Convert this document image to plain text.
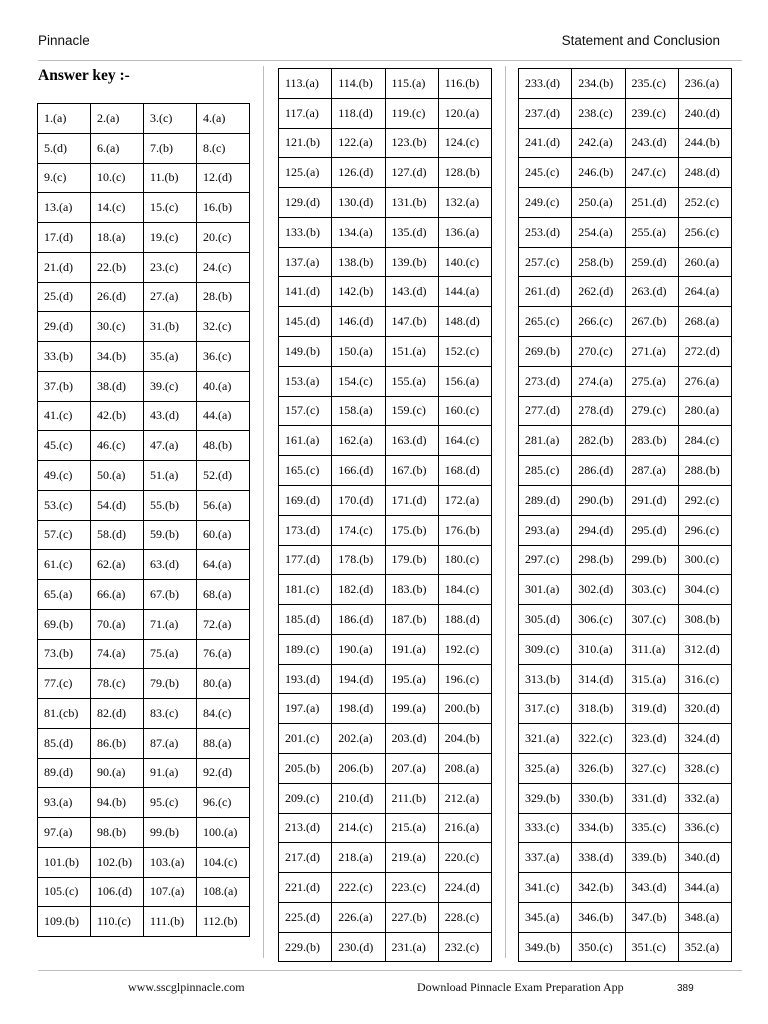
Pinnacle	Statement and Conclusion
Answer key :-
1.(a)	2.(a)	3.(c)	4.(a)
5.(d)	6.(a)	7.(b)	8.(c)
9.(c)	10.(c)	11.(b)	12.(d)
13.(a)	14.(c)	15.(c)	16.(b)
17.(d)	18.(a)	19.(c)	20.(c)
21.(d)	22.(b)	23.(c)	24.(c)
25.(d)	26.(d)	27.(a)	28.(b)
29.(d)	30.(c)	31.(b)	32.(c)
33.(b)	34.(b)	35.(a)	36.(c)
37.(b)	38.(d)	39.(c)	40.(a)
41.(c)	42.(b)	43.(d)	44.(a)
45.(c)	46.(c)	47.(a)	48.(b)
49.(c)	50.(a)	51.(a)	52.(d)
53.(c)	54.(d)	55.(b)	56.(a)
57.(c)	58.(d)	59.(b)	60.(a)
61.(c)	62.(a)	63.(d)	64.(a)
65.(a)	66.(a)	67.(b)	68.(a)
69.(b)	70.(a)	71.(a)	72.(a)
73.(b)	74.(a)	75.(a)	76.(a)
77.(c)	78.(c)	79.(b)	80.(a)
81.(cb)	82.(d)	83.(c)	84.(c)
85.(d)	86.(b)	87.(a)	88.(a)
89.(d)	90.(a)	91.(a)	92.(d)
93.(a)	94.(b)	95.(c)	96.(c)
97.(a)	98.(b)	99.(b)	100.(a)
101.(b)	102.(b)	103.(a)	104.(c)
105.(c)	106.(d)	107.(a)	108.(a)
109.(b)	110.(c)	111.(b)	112.(b)
113.(a)	114.(b)	115.(a)	116.(b)
117.(a)	118.(d)	119.(c)	120.(a)
121.(b)	122.(a)	123.(b)	124.(c)
125.(a)	126.(d)	127.(d)	128.(b)
129.(d)	130.(d)	131.(b)	132.(a)
133.(b)	134.(a)	135.(d)	136.(a)
137.(a)	138.(b)	139.(b)	140.(c)
141.(d)	142.(b)	143.(d)	144.(a)
145.(d)	146.(d)	147.(b)	148.(d)
149.(b)	150.(a)	151.(a)	152.(c)
153.(a)	154.(c)	155.(a)	156.(a)
157.(c)	158.(a)	159.(c)	160.(c)
161.(a)	162.(a)	163.(d)	164.(c)
165.(c)	166.(d)	167.(b)	168.(d)
169.(d)	170.(d)	171.(d)	172.(a)
173.(d)	174.(c)	175.(b)	176.(b)
177.(d)	178.(b)	179.(b)	180.(c)
181.(c)	182.(d)	183.(b)	184.(c)
185.(d)	186.(d)	187.(b)	188.(d)
189.(c)	190.(a)	191.(a)	192.(c)
193.(d)	194.(d)	195.(a)	196.(c)
197.(a)	198.(d)	199.(a)	200.(b)
201.(c)	202.(a)	203.(d)	204.(b)
205.(b)	206.(b)	207.(a)	208.(a)
209.(c)	210.(d)	211.(b)	212.(a)
213.(d)	214.(c)	215.(a)	216.(a)
217.(d)	218.(a)	219.(a)	220.(c)
221.(d)	222.(c)	223.(c)	224.(d)
225.(d)	226.(a)	227.(b)	228.(c)
229.(b)	230.(d)	231.(a)	232.(c)
233.(d)	234.(b)	235.(c)	236.(a)
237.(d)	238.(c)	239.(c)	240.(d)
241.(d)	242.(a)	243.(d)	244.(b)
245.(c)	246.(b)	247.(c)	248.(d)
249.(c)	250.(a)	251.(d)	252.(c)
253.(d)	254.(a)	255.(a)	256.(c)
257.(c)	258.(b)	259.(d)	260.(a)
261.(d)	262.(d)	263.(d)	264.(a)
265.(c)	266.(c)	267.(b)	268.(a)
269.(b)	270.(c)	271.(a)	272.(d)
273.(d)	274.(a)	275.(a)	276.(a)
277.(d)	278.(d)	279.(c)	280.(a)
281.(a)	282.(b)	283.(b)	284.(c)
285.(c)	286.(d)	287.(a)	288.(b)
289.(d)	290.(b)	291.(d)	292.(c)
293.(a)	294.(d)	295.(d)	296.(c)
297.(c)	298.(b)	299.(b)	300.(c)
301.(a)	302.(d)	303.(c)	304.(c)
305.(d)	306.(c)	307.(c)	308.(b)
309.(c)	310.(a)	311.(a)	312.(d)
313.(b)	314.(d)	315.(a)	316.(c)
317.(c)	318.(b)	319.(d)	320.(d)
321.(a)	322.(c)	323.(d)	324.(d)
325.(a)	326.(b)	327.(c)	328.(c)
329.(b)	330.(b)	331.(d)	332.(a)
333.(c)	334.(b)	335.(c)	336.(c)
337.(a)	338.(d)	339.(b)	340.(d)
341.(c)	342.(b)	343.(d)	344.(a)
345.(a)	346.(b)	347.(b)	348.(a)
349.(b)	350.(c)	351.(c)	352.(a)
www.sscglpinnacle.com	Download Pinnacle Exam Preparation App	389
